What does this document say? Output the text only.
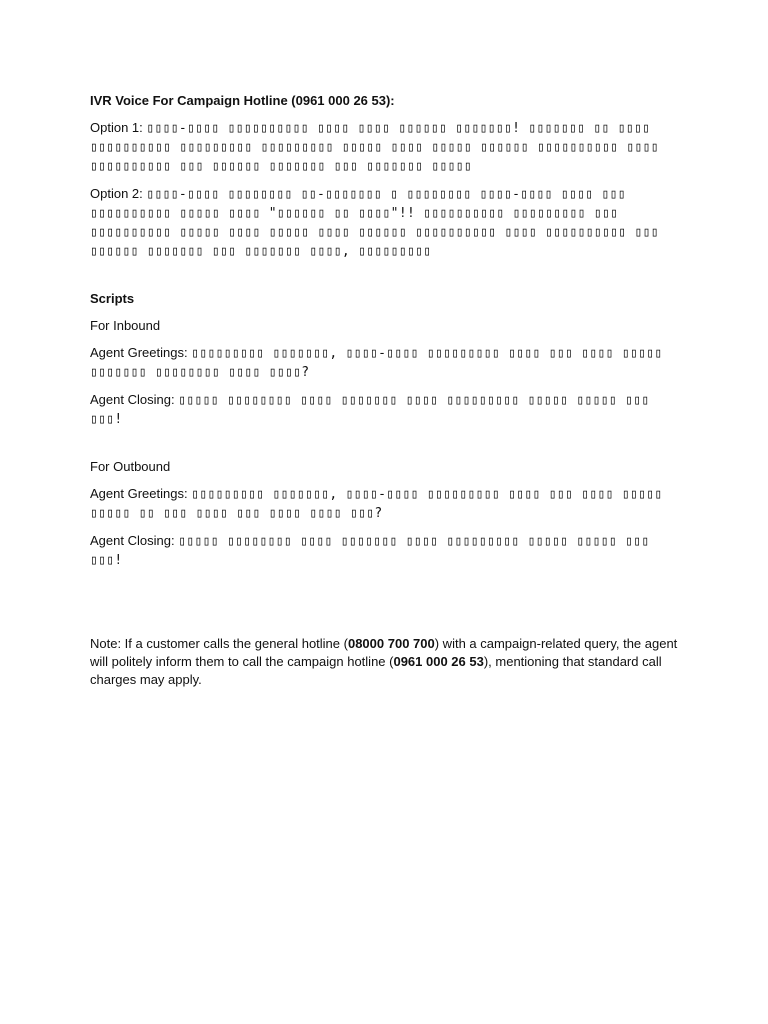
IVR Voice For Campaign Hotline (0961 000 26 53):
Option 1: ▯▯▯▯-▯▯▯▯ ▯▯▯▯▯▯▯▯▯▯ ▯▯▯▯ ▯▯▯▯ ▯▯▯▯▯▯ ▯▯▯▯▯▯▯! ▯▯▯▯▯▯▯ ▯▯ ▯▯▯▯ ▯▯▯▯▯▯▯▯▯▯ ▯▯▯▯▯▯▯▯▯ ▯▯▯▯▯▯▯▯▯ ▯▯▯▯▯ ▯▯▯▯ ▯▯▯▯▯ ▯▯▯▯▯▯ ▯▯▯▯▯▯▯▯▯▯ ▯▯▯▯ ▯▯▯▯▯▯▯▯▯▯ ▯▯▯ ▯▯▯▯▯▯ ▯▯▯▯▯▯▯ ▯▯▯ ▯▯▯▯▯▯▯ ▯▯▯▯▯
Option 2: ▯▯▯▯-▯▯▯▯ ▯▯▯▯▯▯▯▯ ▯▯-▯▯▯▯▯▯▯ ▯ ▯▯▯▯▯▯▯▯ ▯▯▯▯-▯▯▯▯ ▯▯▯▯ ▯▯▯ ▯▯▯▯▯▯▯▯▯▯ ▯▯▯▯▯ ▯▯▯▯ "▯▯▯▯▯▯ ▯▯ ▯▯▯▯"!! ▯▯▯▯▯▯▯▯▯▯ ▯▯▯▯▯▯▯▯▯ ▯▯▯ ▯▯▯▯▯▯▯▯▯▯ ▯▯▯▯▯ ▯▯▯▯ ▯▯▯▯▯ ▯▯▯▯ ▯▯▯▯▯▯ ▯▯▯▯▯▯▯▯▯▯ ▯▯▯▯ ▯▯▯▯▯▯▯▯▯▯ ▯▯▯ ▯▯▯▯▯▯ ▯▯▯▯▯▯▯ ▯▯▯ ▯▯▯▯▯▯▯ ▯▯▯▯, ▯▯▯▯▯▯▯▯▯
Scripts
For Inbound
Agent Greetings: ▯▯▯▯▯▯▯▯▯ ▯▯▯▯▯▯▯, ▯▯▯▯-▯▯▯▯ ▯▯▯▯▯▯▯▯▯ ▯▯▯▯ ▯▯▯ ▯▯▯▯ ▯▯▯▯▯ ▯▯▯▯▯▯▯ ▯▯▯▯▯▯▯▯ ▯▯▯▯ ▯▯▯▯?
Agent Closing: ▯▯▯▯▯ ▯▯▯▯▯▯▯▯ ▯▯▯▯ ▯▯▯▯▯▯▯ ▯▯▯▯ ▯▯▯▯▯▯▯▯▯ ▯▯▯▯▯ ▯▯▯▯▯ ▯▯▯ ▯▯▯!
For Outbound
Agent Greetings: ▯▯▯▯▯▯▯▯▯ ▯▯▯▯▯▯▯, ▯▯▯▯-▯▯▯▯ ▯▯▯▯▯▯▯▯▯ ▯▯▯▯ ▯▯▯ ▯▯▯▯ ▯▯▯▯▯ ▯▯▯▯▯ ▯▯ ▯▯▯ ▯▯▯▯ ▯▯▯ ▯▯▯▯ ▯▯▯▯ ▯▯▯?
Agent Closing: ▯▯▯▯▯ ▯▯▯▯▯▯▯▯ ▯▯▯▯ ▯▯▯▯▯▯▯ ▯▯▯▯ ▯▯▯▯▯▯▯▯▯ ▯▯▯▯▯ ▯▯▯▯▯ ▯▯▯ ▯▯▯!
Note: If a customer calls the general hotline (08000 700 700) with a campaign-related query, the agent will politely inform them to call the campaign hotline (0961 000 26 53), mentioning that standard call charges may apply.
